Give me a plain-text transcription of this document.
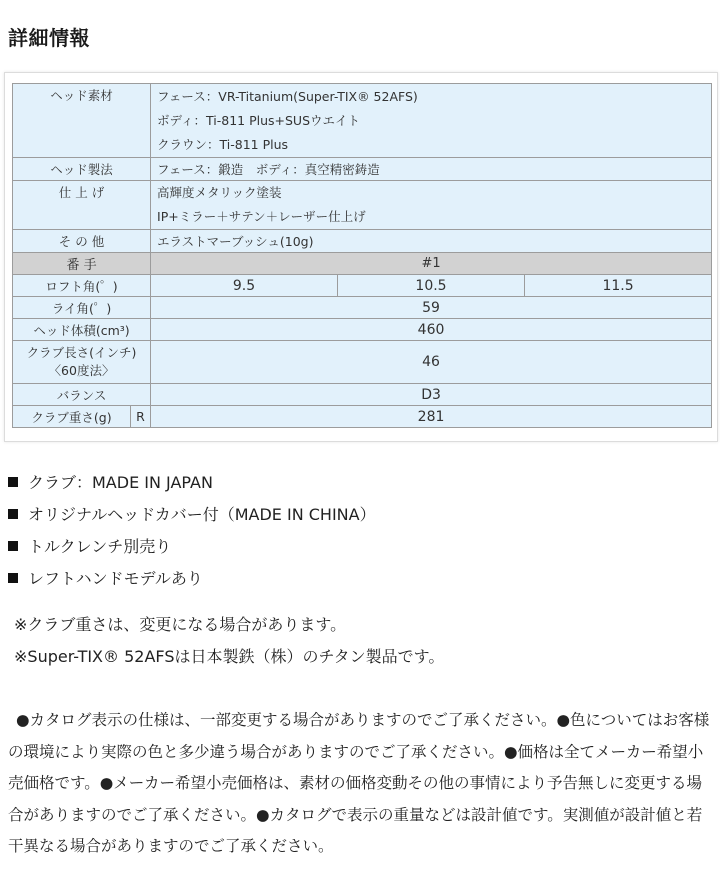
詳細情報
ヘッド素材		フェース：VR-Titanium(Super-TIX® 52AFS)
ボディ：Ti-811 Plus+SUSウエイト
クラウン：Ti-811 Plus		

ヘッド製法		フェース：鍛造　ボディ：真空精密鋳造		
仕 上 げ		高輝度メタリック塗装
IP+ミラー＋サテン＋レーザー仕上げ		

そ の 他		エラストマーブッシュ(10g)		
番 手		#1		
ロフト角(゜)		9.5	10.5	11.5
ライ角(゜)		59		
ヘッド体積(cm³)		460		

クラブ長さ(インチ)
〈60度法〉		46		
バランス		D3		
クラブ重さ(g)	R	281		
クラブ：MADE IN JAPAN
オリジナルヘッドカバー付（MADE IN CHINA）
トルクレンチ別売り
レフトハンドモデルあり
※クラブ重さは、変更になる場合があります。
※Super-TIX® 52AFSは日本製鉄（株）のチタン製品です。
●カタログ表示の仕様は、一部変更する場合がありますのでご了承ください。●色についてはお客様の環境により実際の色と多少違う場合がありますのでご了承ください。●価格は全てメーカー希望小売価格です。●メーカー希望小売価格は、素材の価格変動その他の事情により予告無しに変更する場合がありますのでご了承ください。●カタログで表示の重量などは設計値です。実測値が設計値と若干異なる場合がありますのでご了承ください。
